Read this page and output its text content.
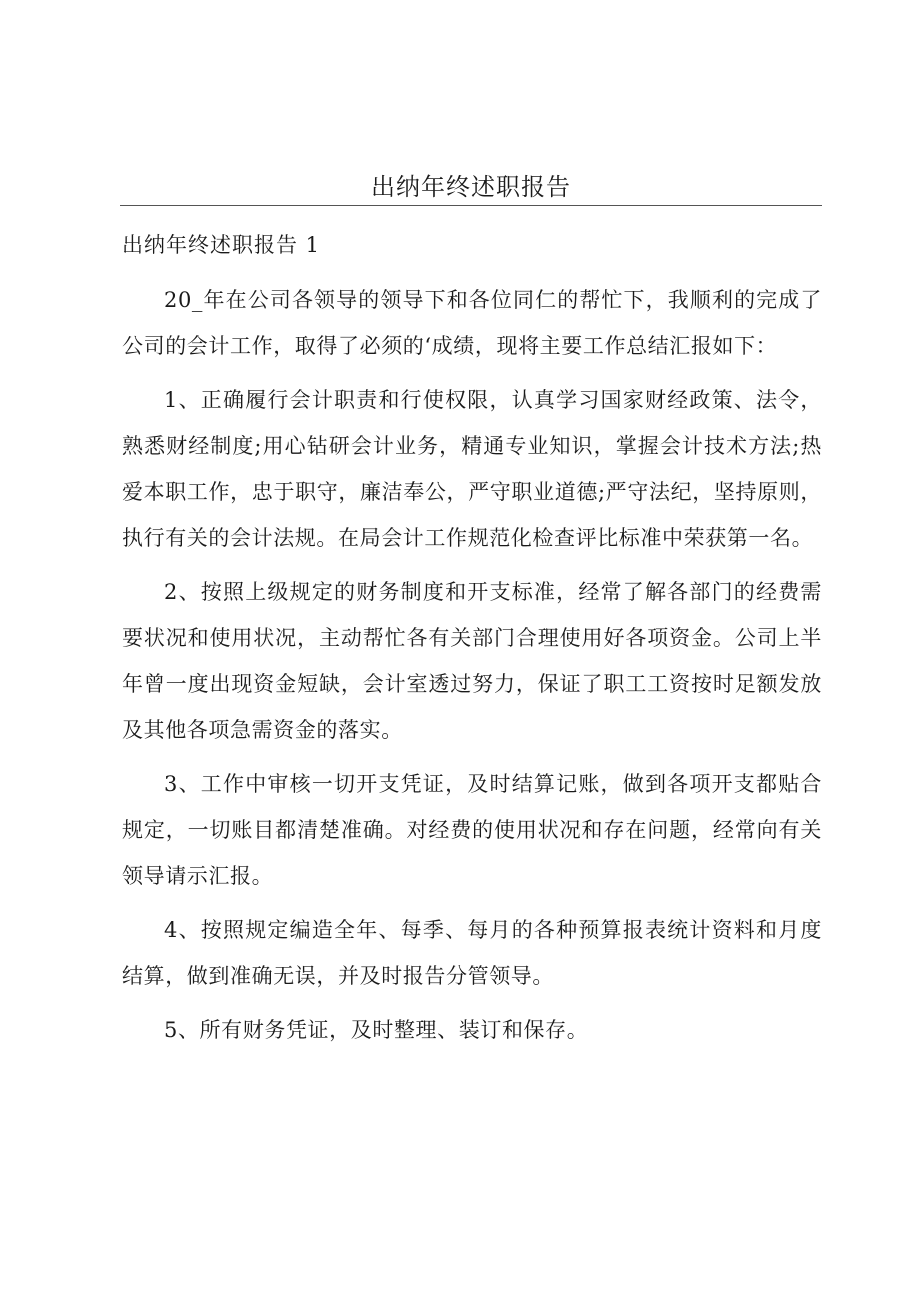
出纳年终述职报告

出纳年终述职报告 1

20_年在公司各领导的领导下和各位同仁的帮忙下，我顺利的完成了公司的会计工作，取得了必须的‘成绩，现将主要工作总结汇报如下：

1、正确履行会计职责和行使权限，认真学习国家财经政策、法令，熟悉财经制度;用心钻研会计业务，精通专业知识，掌握会计技术方法;热爱本职工作，忠于职守，廉洁奉公，严守职业道德;严守法纪，坚持原则，执行有关的会计法规。在局会计工作规范化检查评比标准中荣获第一名。

2、按照上级规定的财务制度和开支标准，经常了解各部门的经费需要状况和使用状况，主动帮忙各有关部门合理使用好各项资金。公司上半年曾一度出现资金短缺，会计室透过努力，保证了职工工资按时足额发放及其他各项急需资金的落实。

3、工作中审核一切开支凭证，及时结算记账，做到各项开支都贴合规定，一切账目都清楚准确。对经费的使用状况和存在问题，经常向有关领导请示汇报。

4、按照规定编造全年、每季、每月的各种预算报表统计资料和月度结算，做到准确无误，并及时报告分管领导。

5、所有财务凭证，及时整理、装订和保存。
